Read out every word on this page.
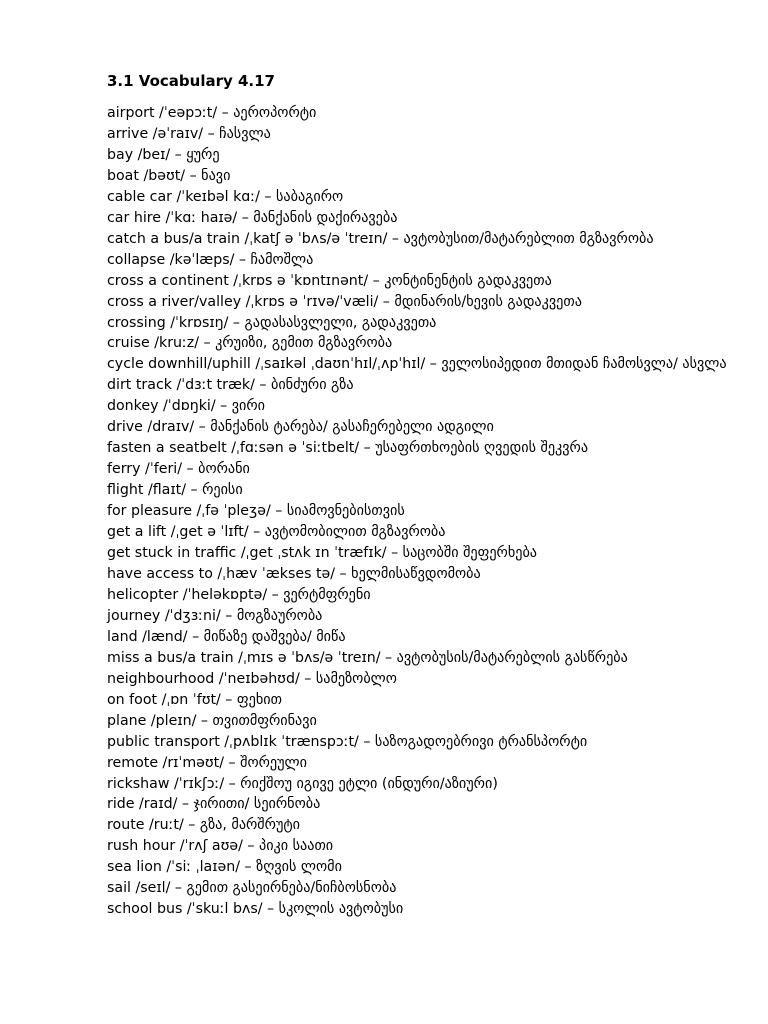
3.1 Vocabulary 4.17
airport /ˈeəpɔːt/ – აეროპორტი
arrive /əˈraɪv/ – ჩასვლა
bay /beɪ/ – ყურე
boat /bəʊt/ – ნავი
cable car /ˈkeɪbəl kɑː/ – საბაგირო
car hire /ˈkɑː haɪə/ – მანქანის დაქირავება
catch a bus/a train /ˌkatʃ ə ˈbʌs/ə ˈtreɪn/ – ავტობუსით/მატარებლით მგზავრობა
collapse /kəˈlæps/ – ჩამოშლა
cross a continent /ˌkrɒs ə ˈkɒntɪnənt/ – კონტინენტის გადაკვეთა
cross a river/valley /ˌkrɒs ə ˈrɪvə/ˈvæli/ – მდინარის/ხევის გადაკვეთა
crossing /ˈkrɒsɪŋ/ – გადასასვლელი, გადაკვეთა
cruise /kruːz/ – კრუიზი, გემით მგზავრობა
cycle downhill/uphill /ˌsaɪkəl ˌdaʊnˈhɪl/ˌʌpˈhɪl/ – ველოსიპედით მთიდან ჩამოსვლა/ ასვლა
dirt track /ˈdɜːt træk/ – ბინძური გზა
donkey /ˈdɒŋki/ – ვირი
drive /draɪv/ – მანქანის ტარება/ გასაჩერებელი ადგილი
fasten a seatbelt /ˌfɑːsən ə ˈsiːtbelt/ – უსაფრთხოების ღვედის შეკვრა
ferry /ˈferi/ – ბორანი
flight /flaɪt/ – რეისი
for pleasure /ˌfə ˈpleʒə/ – სიამოვნებისთვის
get a lift /ˌget ə ˈlɪft/ – ავტომობილით მგზავრობა
get stuck in traffic /ˌget ˌstʌk ɪn ˈtræfɪk/ – საცობში შეფერხება
have access to /ˌhæv ˈækses tə/ – ხელმისაწვდომობა
helicopter /ˈheləkɒptə/ – ვერტმფრენი
journey /ˈdʒɜːni/ – მოგზაურობა
land /lænd/ – მიწაზე დაშვება/ მიწა
miss a bus/a train /ˌmɪs ə ˈbʌs/ə ˈtreɪn/ – ავტობუსის/მატარებლის გასწრება
neighbourhood /ˈneɪbəhʊd/ – სამეზობლო
on foot /ˌɒn ˈfʊt/ – ფეხით
plane /pleɪn/ – თვითმფრინავი
public transport /ˌpʌblɪk ˈtrænspɔːt/ – საზოგადოებრივი ტრანსპორტი
remote /rɪˈməʊt/ – შორეული
rickshaw /ˈrɪkʃɔː/ – რიქშოუ იგივე ეტლი (ინდური/აზიური)
ride /raɪd/ – ჯირითი/ სეირნობა
route /ruːt/ – გზა, მარშრუტი
rush hour /ˈrʌʃ aʊə/ – პიკი საათი
sea lion /ˈsiː ˌlaɪən/ – ზღვის ლომი
sail /seɪl/ – გემით გასეირნება/ნიჩბოსნობა
school bus /ˈskuːl bʌs/ – სკოლის ავტობუსი
